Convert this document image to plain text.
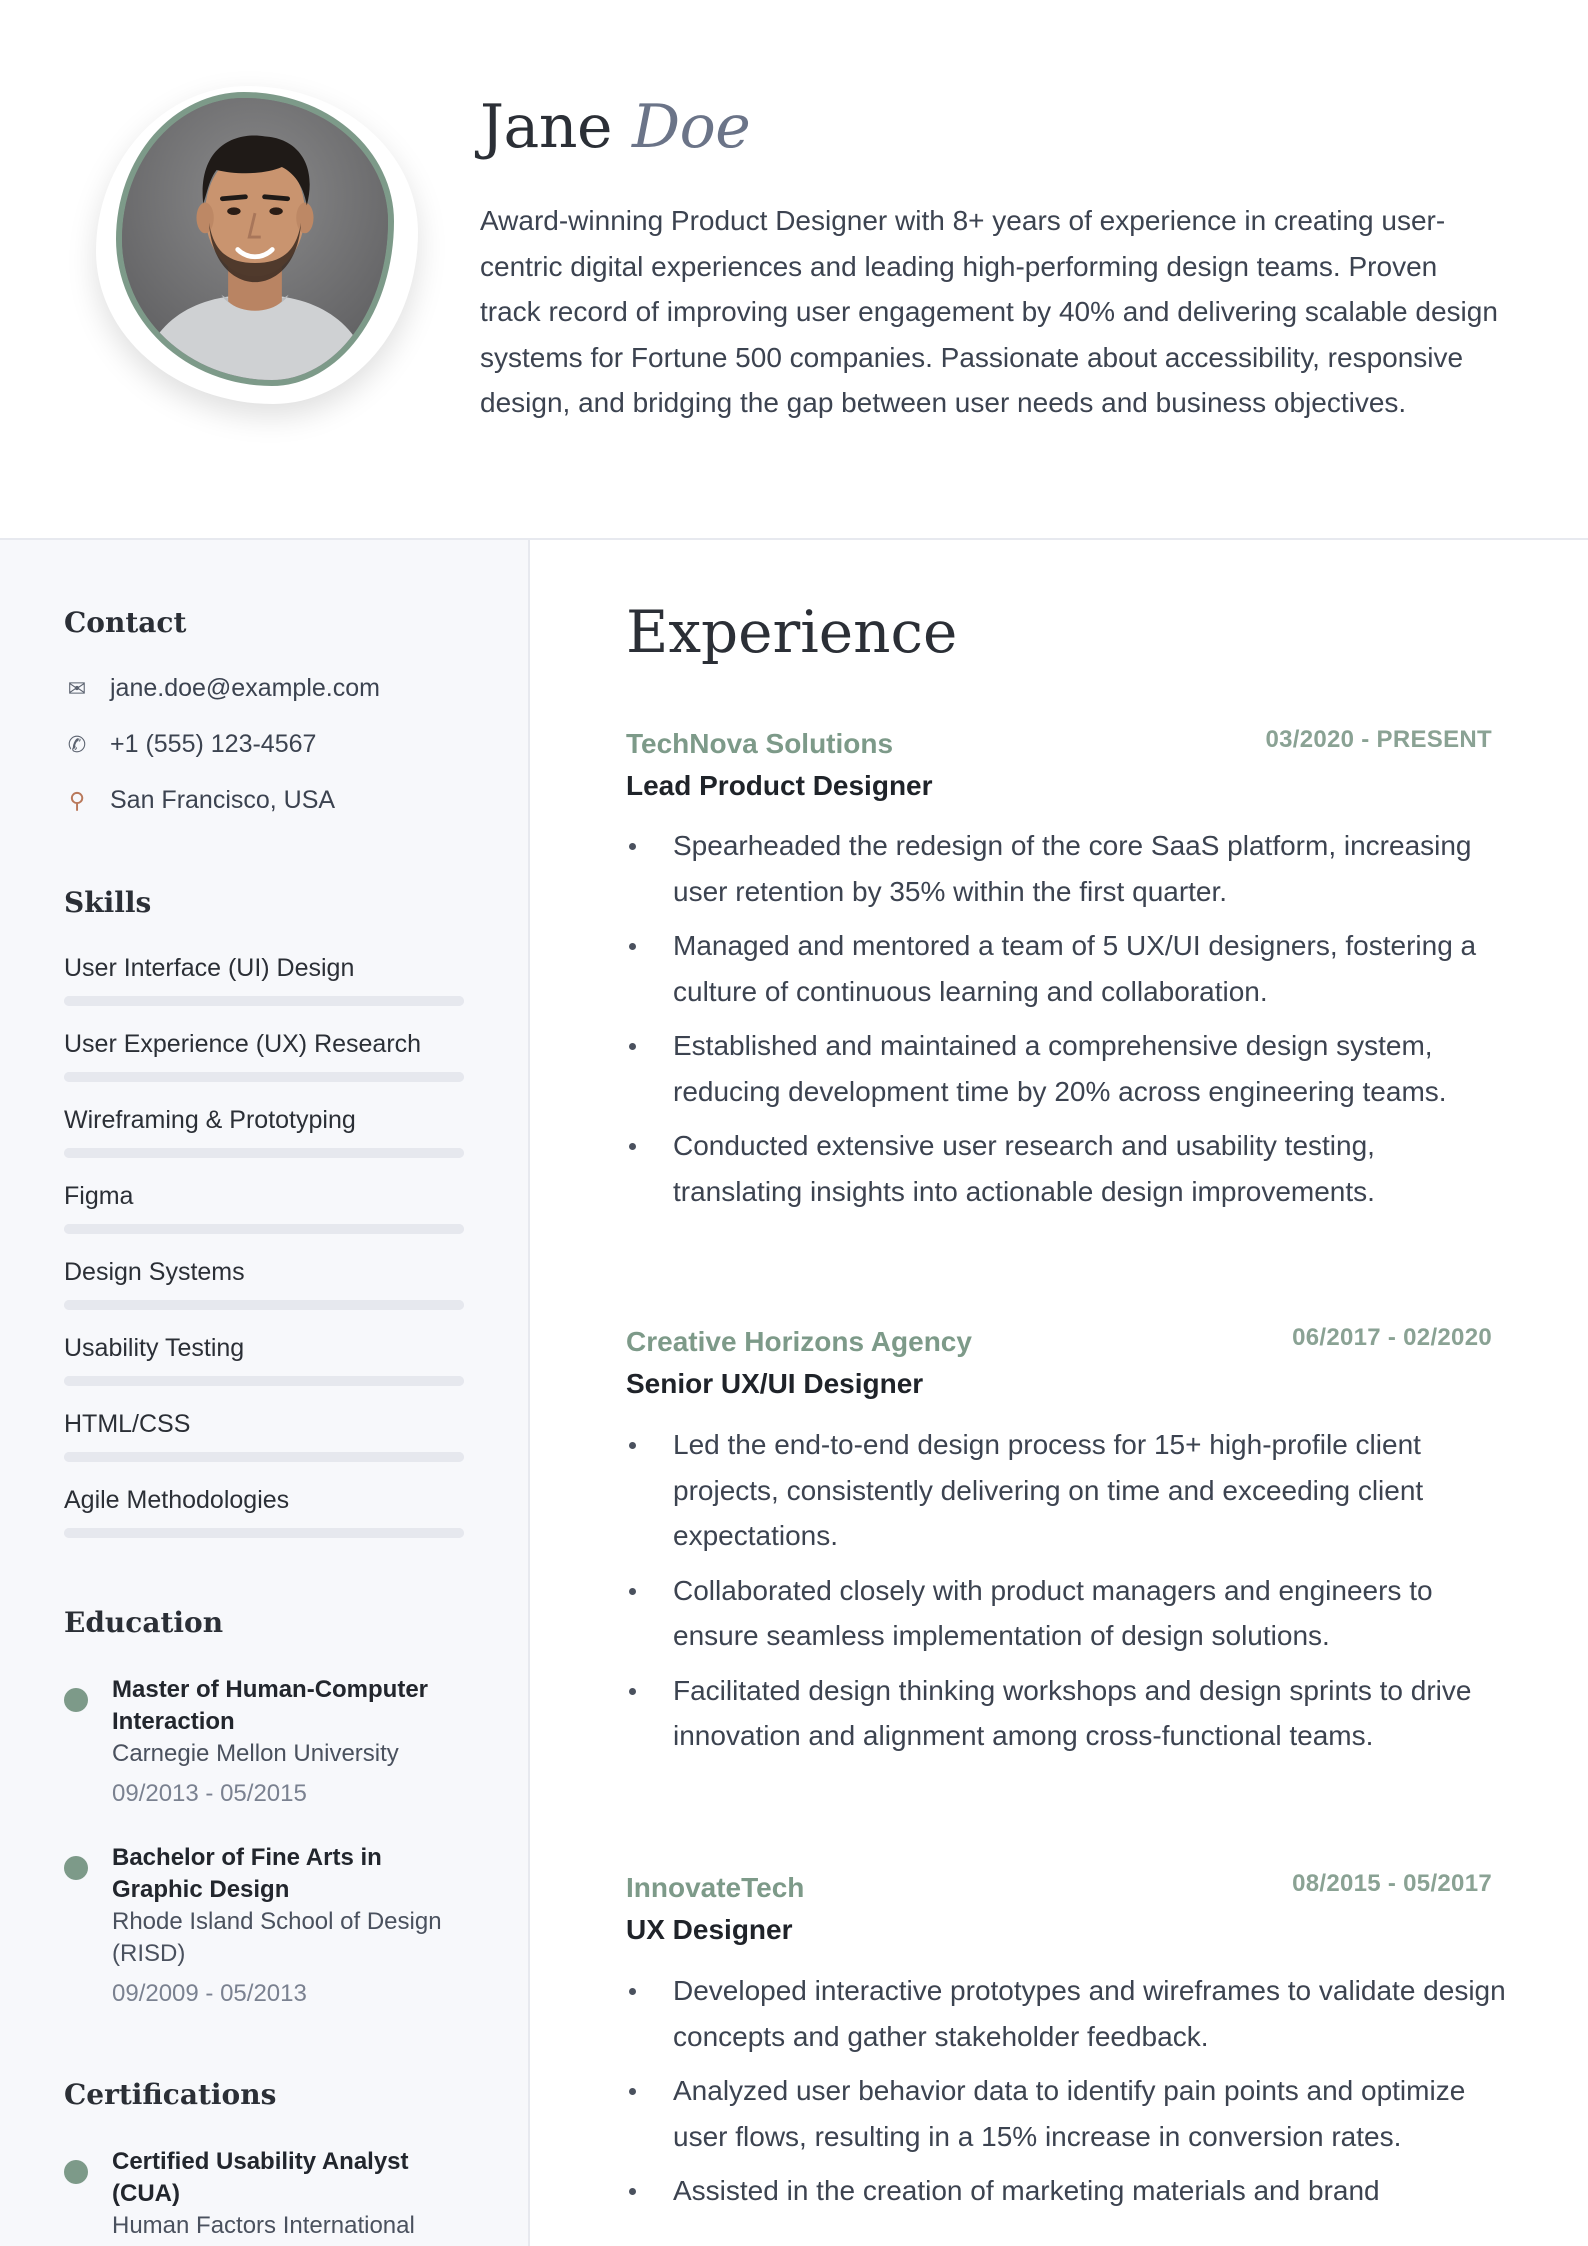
Jane Doe
Award-winning Product Designer with 8+ years of experience in creating user-centric digital experiences and leading high-performing design teams. Proven track record of improving user engagement by 40% and delivering scalable design systems for Fortune 500 companies. Passionate about accessibility, responsive design, and bridging the gap between user needs and business objectives.
Contact
✉ jane.doe@example.com
✆ +1 (555) 123-4567
⚲ San Francisco, USA
Skills
User Interface (UI) Design
User Experience (UX) Research
Wireframing & Prototyping
Figma
Design Systems
Usability Testing
HTML/CSS
Agile Methodologies
Education
Master of Human-Computer Interaction
Carnegie Mellon University
09/2013 - 05/2015
Bachelor of Fine Arts in Graphic Design
Rhode Island School of Design (RISD)
09/2009 - 05/2013
Certifications
Certified Usability Analyst (CUA)
Human Factors International
Experience
TechNova Solutions	03/2020 - PRESENT
Lead Product Designer
Spearheaded the redesign of the core SaaS platform, increasing user retention by 35% within the first quarter.
Managed and mentored a team of 5 UX/UI designers, fostering a culture of continuous learning and collaboration.
Established and maintained a comprehensive design system, reducing development time by 20% across engineering teams.
Conducted extensive user research and usability testing, translating insights into actionable design improvements.
Creative Horizons Agency	06/2017 - 02/2020
Senior UX/UI Designer
Led the end-to-end design process for 15+ high-profile client projects, consistently delivering on time and exceeding client expectations.
Collaborated closely with product managers and engineers to ensure seamless implementation of design solutions.
Facilitated design thinking workshops and design sprints to drive innovation and alignment among cross-functional teams.
InnovateTech	08/2015 - 05/2017
UX Designer
Developed interactive prototypes and wireframes to validate design concepts and gather stakeholder feedback.
Analyzed user behavior data to identify pain points and optimize user flows, resulting in a 15% increase in conversion rates.
Assisted in the creation of marketing materials and brand
